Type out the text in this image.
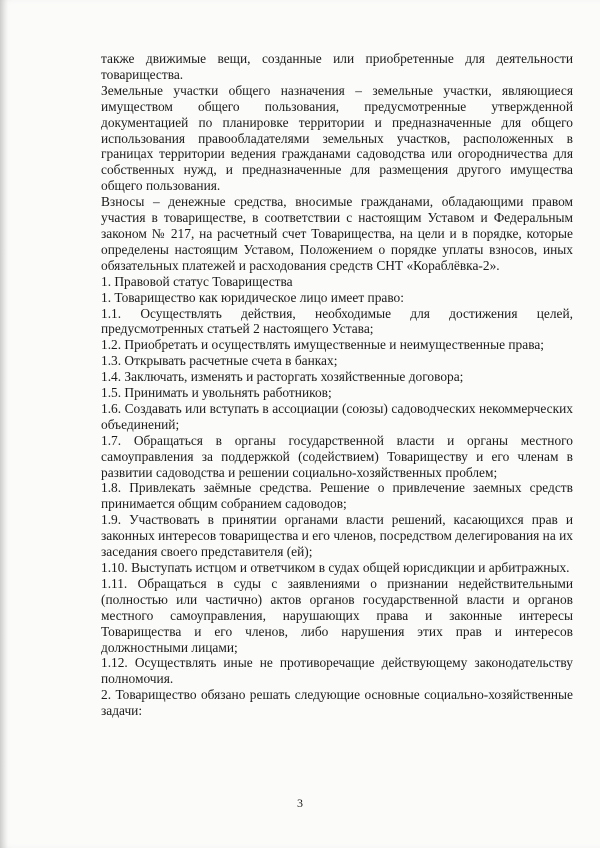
также движимые вещи, созданные или приобретенные для деятельности товарищества.

Земельные участки общего назначения – земельные участки, являющиеся имуществом общего пользования, предусмотренные утвержденной документацией по планировке территории и предназначенные для общего использования правообладателями земельных участков, расположенных в границах территории ведения гражданами садоводства или огородничества для собственных нужд, и предназначенные для размещения другого имущества общего пользования.

Взносы – денежные средства, вносимые гражданами, обладающими правом участия в товариществе, в соответствии с настоящим Уставом и Федеральным законом № 217, на расчетный счет Товарищества, на цели и в порядке, которые определены настоящим Уставом, Положением о порядке уплаты взносов, иных обязательных платежей и расходования средств СНТ «Кораблёвка-2».

1. Правовой статус Товарищества

1. Товарищество как юридическое лицо имеет право:

1.1. Осуществлять действия, необходимые для достижения целей, предусмотренных статьей 2 настоящего Устава;

1.2. Приобретать и осуществлять имущественные и неимущественные права;

1.3. Открывать расчетные счета в банках;

1.4. Заключать, изменять и расторгать хозяйственные договора;

1.5. Принимать и увольнять работников;

1.6. Создавать или вступать в ассоциации (союзы) садоводческих некоммерческих объединений;

1.7. Обращаться в органы государственной власти и органы местного самоуправления за поддержкой (содействием) Товариществу и его членам в развитии садоводства и решении социально-хозяйственных проблем;

1.8. Привлекать заёмные средства. Решение о привлечение заемных средств принимается общим собранием садоводов;

1.9. Участвовать в принятии органами власти решений, касающихся прав и законных интересов товарищества и его членов, посредством делегирования на их заседания своего представителя (ей);

1.10. Выступать истцом и ответчиком в судах общей юрисдикции и арбитражных.

1.11. Обращаться в суды с заявлениями о признании недействительными (полностью или частично) актов органов государственной власти и органов местного самоуправления, нарушающих права и законные интересы Товарищества и его членов, либо нарушения этих прав и интересов должностными лицами;

1.12. Осуществлять иные не противоречащие действующему законодательству полномочия.

2. Товарищество обязано решать следующие основные социально-хозяйственные задачи:

3
